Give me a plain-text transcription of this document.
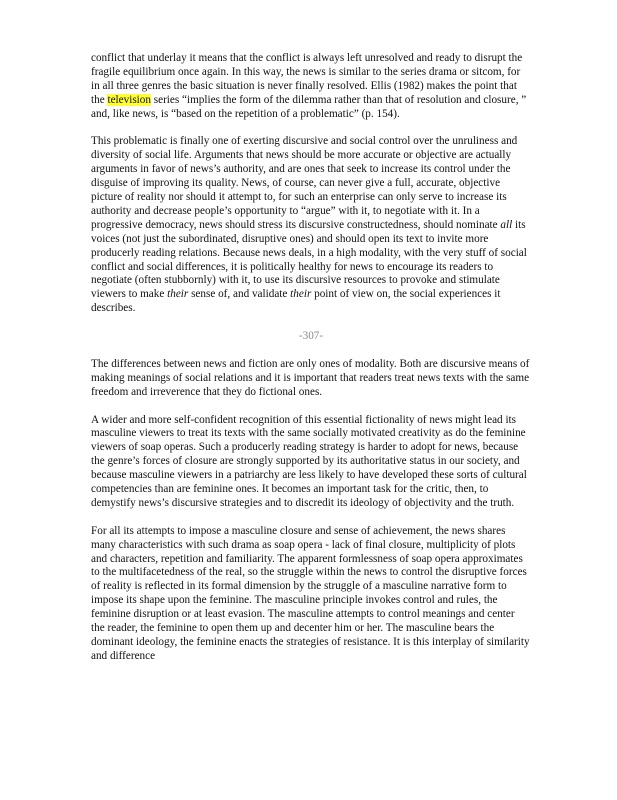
conflict that underlay it means that the conflict is always left unresolved and ready to disrupt the fragile equilibrium once again. In this way, the news is similar to the series drama or sitcom, for in all three genres the basic situation is never finally resolved. Ellis (1982) makes the point that the television series “implies the form of the dilemma rather than that of resolution and closure, ” and, like news, is “based on the repetition of a problematic” (p. 154).

This problematic is finally one of exerting discursive and social control over the unruliness and diversity of social life. Arguments that news should be more accurate or objective are actually arguments in favor of news’s authority, and are ones that seek to increase its control under the disguise of improving its quality. News, of course, can never give a full, accurate, objective picture of reality nor should it attempt to, for such an enterprise can only serve to increase its authority and decrease people’s opportunity to “argue” with it, to negotiate with it. In a progressive democracy, news should stress its discursive constructedness, should nominate all its voices (not just the subordinated, disruptive ones) and should open its text to invite more producerly reading relations. Because news deals, in a high modality, with the very stuff of social conflict and social differences, it is politically healthy for news to encourage its readers to negotiate (often stubbornly) with it, to use its discursive resources to provoke and stimulate viewers to make their sense of, and validate their point of view on, the social experiences it describes.

-307-

The differences between news and fiction are only ones of modality. Both are discursive means of making meanings of social relations and it is important that readers treat news texts with the same freedom and irreverence that they do fictional ones.

A wider and more self-confident recognition of this essential fictionality of news might lead its masculine viewers to treat its texts with the same socially motivated creativity as do the feminine viewers of soap operas. Such a producerly reading strategy is harder to adopt for news, because the genre’s forces of closure are strongly supported by its authoritative status in our society, and because masculine viewers in a patriarchy are less likely to have developed these sorts of cultural competencies than are feminine ones. It becomes an important task for the critic, then, to demystify news’s discursive strategies and to discredit its ideology of objectivity and the truth.

For all its attempts to impose a masculine closure and sense of achievement, the news shares many characteristics with such drama as soap opera - lack of final closure, multiplicity of plots and characters, repetition and familiarity. The apparent formlessness of soap opera approximates to the multifacetedness of the real, so the struggle within the news to control the disruptive forces of reality is reflected in its formal dimension by the struggle of a masculine narrative form to impose its shape upon the feminine. The masculine principle invokes control and rules, the feminine disruption or at least evasion. The masculine attempts to control meanings and center the reader, the feminine to open them up and decenter him or her. The masculine bears the dominant ideology, the feminine enacts the strategies of resistance. It is this interplay of similarity and difference
